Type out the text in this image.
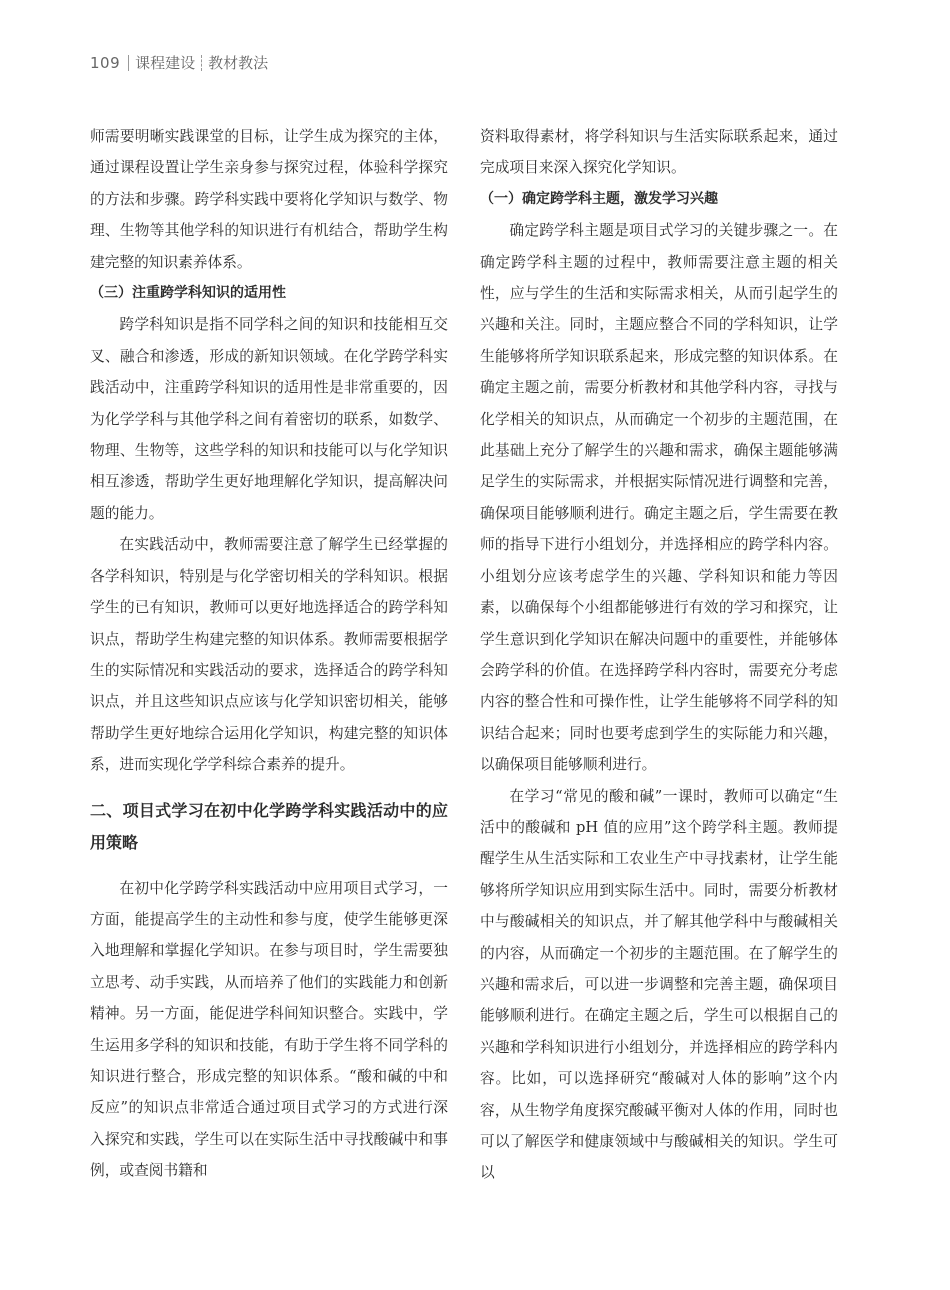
109 课程建设 教材教法

师需要明晰实践课堂的目标，让学生成为探究的主体，通过课程设置让学生亲身参与探究过程，体验科学探究的方法和步骤。跨学科实践中要将化学知识与数学、物理、生物等其他学科的知识进行有机结合，帮助学生构建完整的知识素养体系。

（三）注重跨学科知识的适用性

跨学科知识是指不同学科之间的知识和技能相互交叉、融合和渗透，形成的新知识领域。在化学跨学科实践活动中，注重跨学科知识的适用性是非常重要的，因为化学学科与其他学科之间有着密切的联系，如数学、物理、生物等，这些学科的知识和技能可以与化学知识相互渗透，帮助学生更好地理解化学知识，提高解决问题的能力。

在实践活动中，教师需要注意了解学生已经掌握的各学科知识，特别是与化学密切相关的学科知识。根据学生的已有知识，教师可以更好地选择适合的跨学科知识点，帮助学生构建完整的知识体系。教师需要根据学生的实际情况和实践活动的要求，选择适合的跨学科知识点，并且这些知识点应该与化学知识密切相关，能够帮助学生更好地综合运用化学知识，构建完整的知识体系，进而实现化学学科综合素养的提升。

二、项目式学习在初中化学跨学科实践活动中的应用策略

在初中化学跨学科实践活动中应用项目式学习，一方面，能提高学生的主动性和参与度，使学生能够更深入地理解和掌握化学知识。在参与项目时，学生需要独立思考、动手实践，从而培养了他们的实践能力和创新精神。另一方面，能促进学科间知识整合。实践中，学生运用多学科的知识和技能，有助于学生将不同学科的知识进行整合，形成完整的知识体系。“酸和碱的中和反应”的知识点非常适合通过项目式学习的方式进行深入探究和实践，学生可以在实际生活中寻找酸碱中和事例，或查阅书籍和

资料取得素材，将学科知识与生活实际联系起来，通过完成项目来深入探究化学知识。

（一）确定跨学科主题，激发学习兴趣

确定跨学科主题是项目式学习的关键步骤之一。在确定跨学科主题的过程中，教师需要注意主题的相关性，应与学生的生活和实际需求相关，从而引起学生的兴趣和关注。同时，主题应整合不同的学科知识，让学生能够将所学知识联系起来，形成完整的知识体系。在确定主题之前，需要分析教材和其他学科内容，寻找与化学相关的知识点，从而确定一个初步的主题范围，在此基础上充分了解学生的兴趣和需求，确保主题能够满足学生的实际需求，并根据实际情况进行调整和完善，确保项目能够顺利进行。确定主题之后，学生需要在教师的指导下进行小组划分，并选择相应的跨学科内容。小组划分应该考虑学生的兴趣、学科知识和能力等因素，以确保每个小组都能够进行有效的学习和探究，让学生意识到化学知识在解决问题中的重要性，并能够体会跨学科的价值。在选择跨学科内容时，需要充分考虑内容的整合性和可操作性，让学生能够将不同学科的知识结合起来；同时也要考虑到学生的实际能力和兴趣，以确保项目能够顺利进行。

在学习“常见的酸和碱”一课时，教师可以确定“生活中的酸碱和 pH 值的应用”这个跨学科主题。教师提醒学生从生活实际和工农业生产中寻找素材，让学生能够将所学知识应用到实际生活中。同时，需要分析教材中与酸碱相关的知识点，并了解其他学科中与酸碱相关的内容，从而确定一个初步的主题范围。在了解学生的兴趣和需求后，可以进一步调整和完善主题，确保项目能够顺利进行。在确定主题之后，学生可以根据自己的兴趣和学科知识进行小组划分，并选择相应的跨学科内容。比如，可以选择研究“酸碱对人体的影响”这个内容，从生物学角度探究酸碱平衡对人体的作用，同时也可以了解医学和健康领域中与酸碱相关的知识。学生可以
